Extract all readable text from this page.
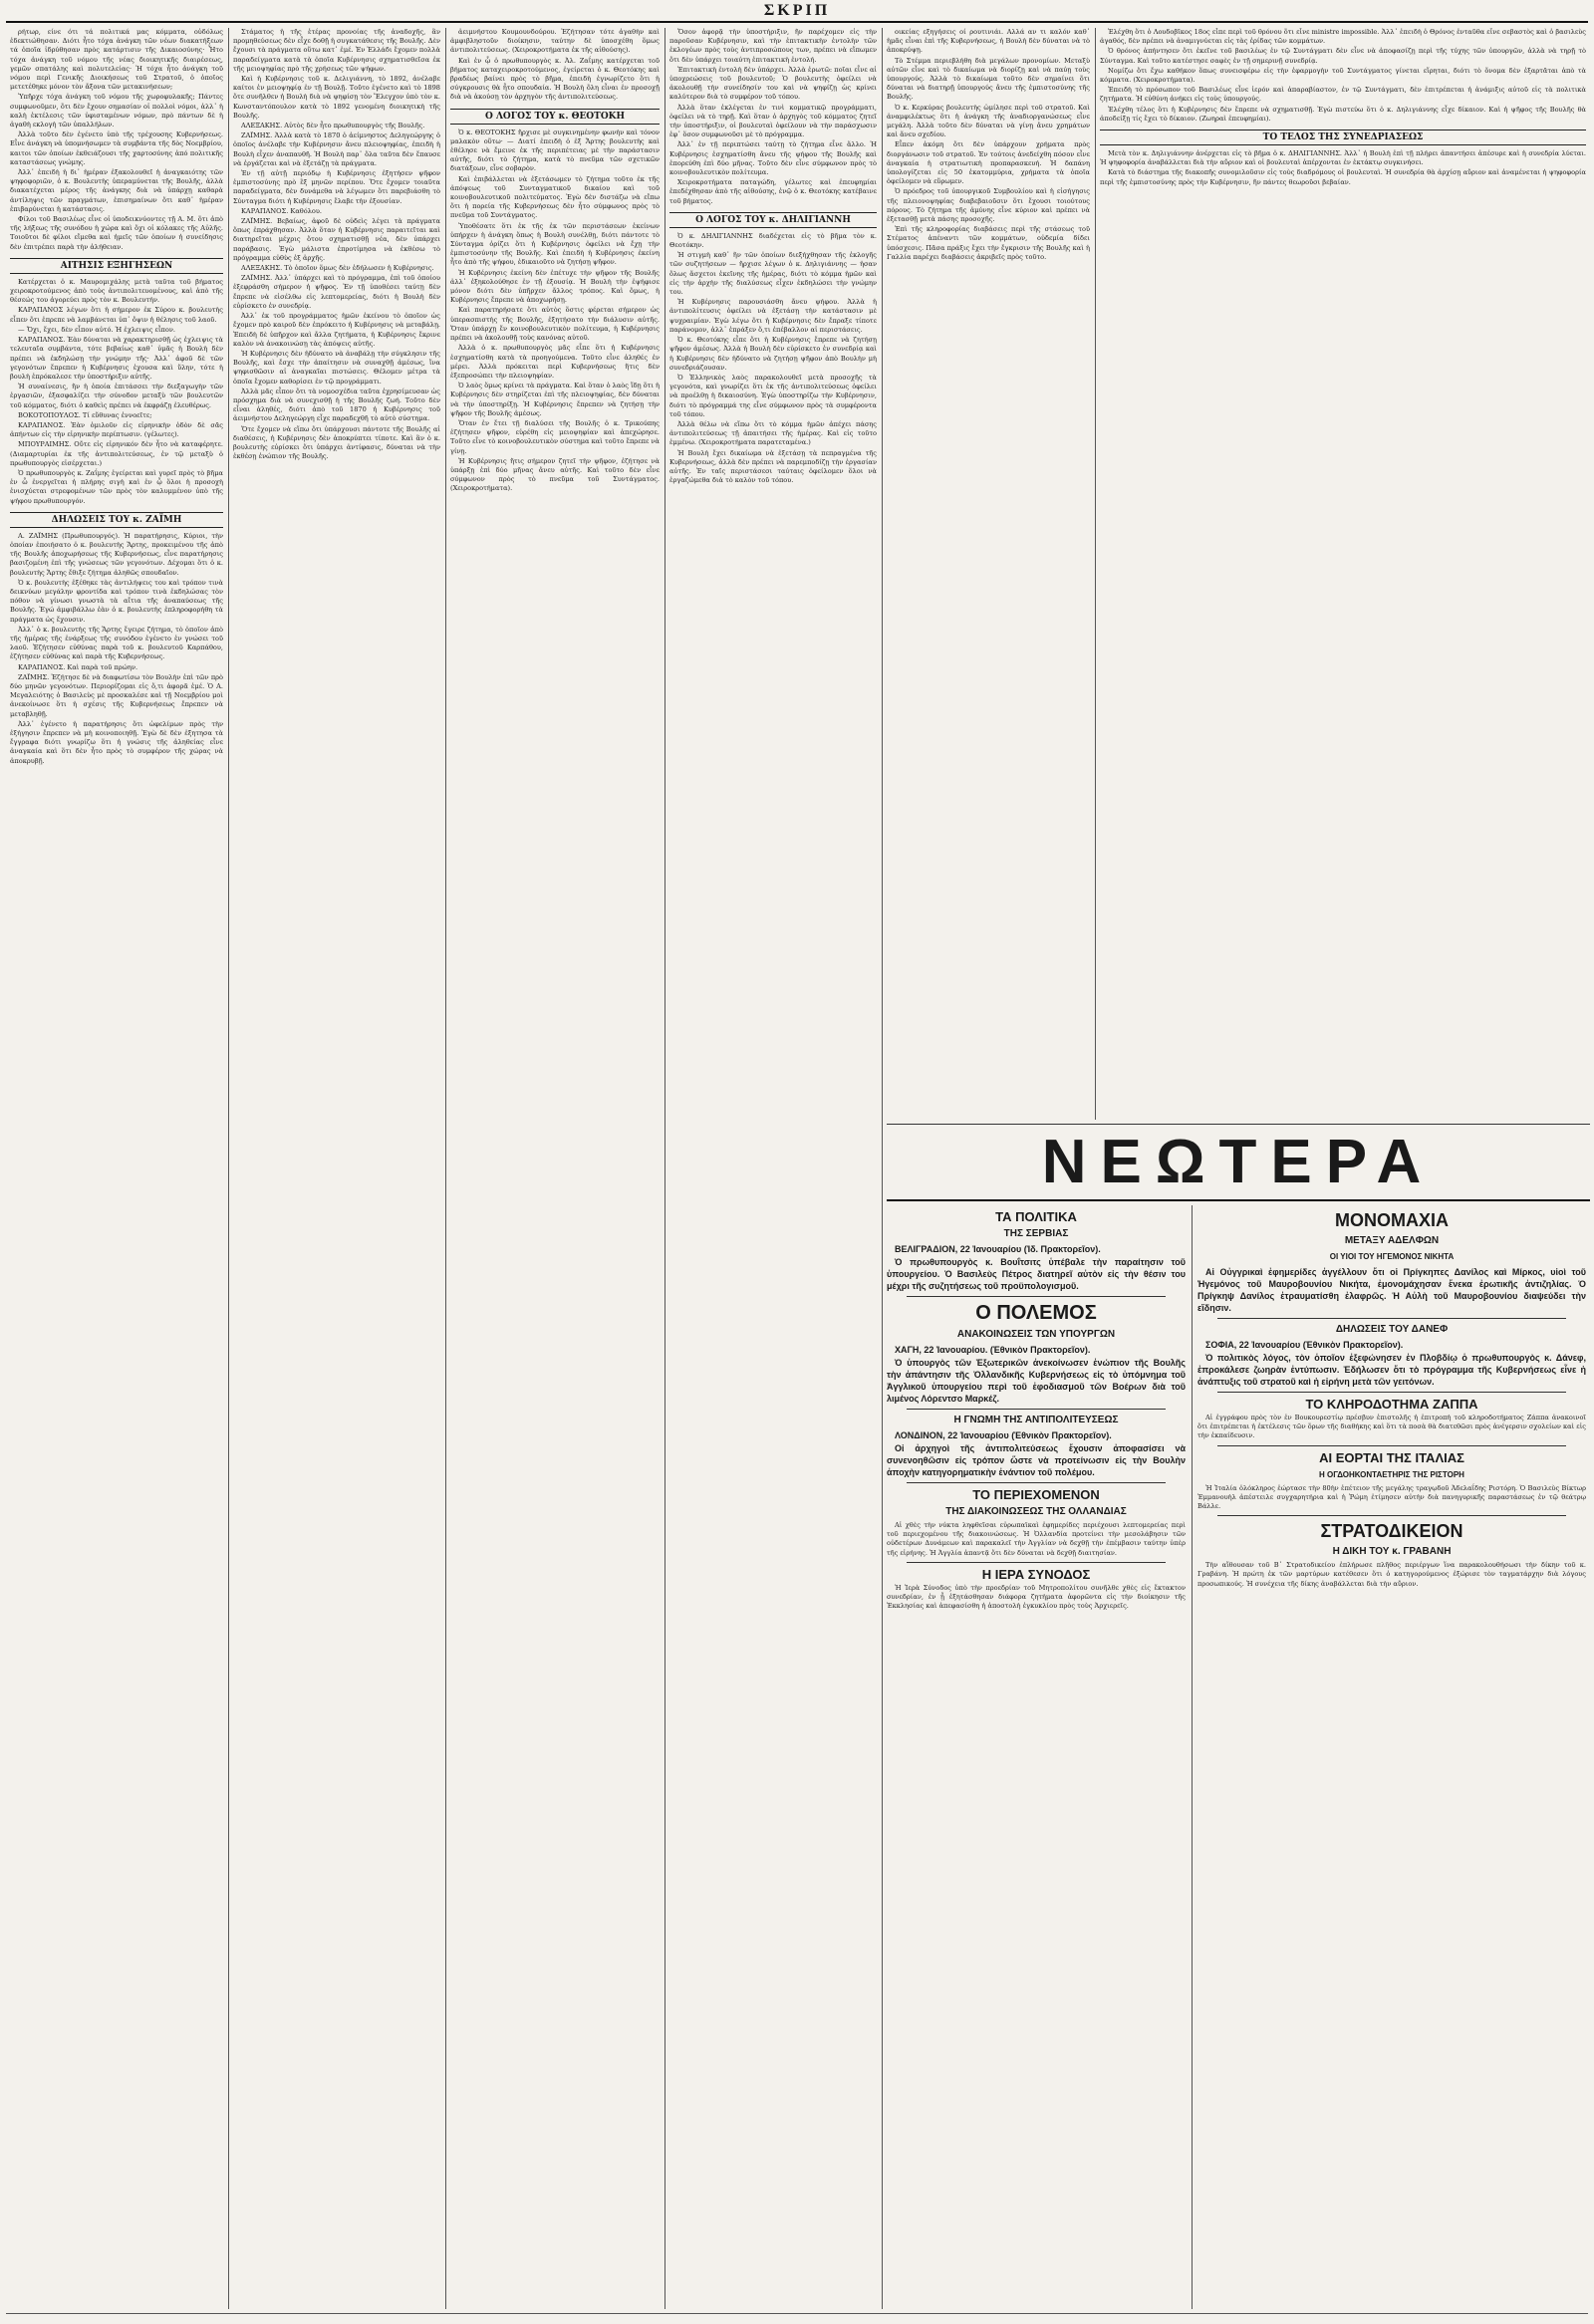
ΣΚΡΙΠ

ρήτωρ, είνε ότι τά πολιτικά μας κόμματα, οὐδόλως ἐδεκτιώθησαν. Διότι ἦτο τόχα ἀνάγκη τῶν νέων διακατήξεων τά ὁποῖα ἰδρύθησαν πρὸς κατάρτισιν τῆς Δικαιοσύνης· Ἦτο τόχα ἀνάγκη τοῦ νόμου τῆς νέας διοικητικῆς διαιρέσεως, γεμῶν σπατάλης καὶ πολυτελείας· Ἡ τόχα ἦτο ἀνάγκη τοῦ νόμου περὶ Γενικῆς Διοικήσεως τοῦ Στρατοῦ, ὁ ὁποῖος μετετέθηκε μόνον τὸν ἄξονα τῶν μετακινήσεων;

Ὑπῆρχε τόχα ἀνάγκη τοῦ νόμου τῆς χωροφυλακῆς; Πάντες συμφωνοῦμεν, ὅτι δὲν ἔχουν σημασίαν οἱ πολλοὶ νόμοι, ἀλλ᾽ ἡ καλὴ ἐκτέλεσις τῶν ὑφισταμένων νόμων, πρὸ πάντων δὲ ἡ ἀγαθὴ εκλογὴ τῶν ὑπαλλήλων.

Ἀλλὰ τοῦτο δὲν ἐγένετο ὑπὸ τῆς τρέχουσης Κυβερνήσεως. Εἶνε ἀνάγκη νὰ ὑπομνήσωμεν τὰ συμβάντα τῆς δὸς Νοεμβρίου, καιτοι τῶν ὁποίων ἐκθειάζουσι τῆς χαρτοσύνης ἀπό πολιτικῆς καταστάσεως γνώμης.

Ἀλλ᾽ ἐπειδὴ ἡ δι᾽ ἡμέραν ἐξακολουθεῖ ἡ ἀναγκαιότης τῶν ψηφοφοριῶν, ὁ κ. Βουλευτὴς ὑπεραμύνεται τῆς Βουλῆς, ἀλλὰ διακατέχεται μέρος τῆς ἀνάγκης διὰ νὰ ὑπάρχῃ καθαρὰ ἀντίληψις τῶν πραγμάτων, ἐπισημαίνων ὅτι καθ᾽ ἡμέραν ἐπιβαρύνεται ἡ κατάστασις.

Φίλοι τοῦ Βασιλέως εἶνε οἱ ὑποδεικνύοντες τῇ Α. Μ. ὅτι ἀπὸ τῆς λήξεως τῆς συνόδου ἡ χώρα καὶ ὄχι οἱ κόλακες τῆς Αὐλῆς. Τοιοῦτοι δὲ φίλοι εἴμεθα καὶ ἡμεῖς τῶν ὁποίων ἡ συνείδησις δὲν ἐπιτρέπει παρὰ τὴν ἀλήθειαν.

ΑΙΤΗΣΙΣ ΕΞΗΓΗΣΕΩΝ

Κατέρχεται ὁ κ. Μαυρομιχάλης μετὰ ταῦτα τοῦ βήματος χειροκροτούμενος ἀπὸ τοὺς ἀντιπολιτευομένους, καὶ ἀπὸ τῆς θέσεώς του ἀγορεύει πρὸς τὸν κ. Βουλευτήν.

ΚΑΡΑΠΑΝΟΣ λέγων ὅτι ἡ σήμερον ἐκ Σύρου κ. βουλευτὴς εἶπεν ὅτι ἐπρεπε νὰ λαμβάνεται ὑπ᾽ ὄψιν ἡ θέλησις τοῦ λαοῦ.

— Ὄχι, ἔχει, δὲν εἶπον αὐτό. Ἡ ἐχλειψις εἶπον.

ΚΑΡΑΠΑΝΟΣ. Ἐὰν δύναται νὰ χαρακτηρισθῇ ὡς ἐχλειψις τὰ τελευταῖα συμβάντα, τότε βεβαίως καθ᾽ ὑμᾶς ἡ Βουλὴ δὲν πρέπει νὰ ἐκδηλώσῃ τὴν γνώμην τῆς· Ἀλλ᾽ ἀφοῦ δὲ τῶν γεγονότων ἔπρεπεν ἡ Κυβέρνησις ἐχουσα καὶ ὕλην, τότε ἡ βουλὴ ἐπρόκαλεσε τὴν ὑποστήριξιν αὐτῆς.

Ἡ συναίνεσις, ἣν ἡ ὁποία ἐπιτάσσει τὴν διεξαγωγὴν τῶν ἐργασιῶν, ἐξασφαλίζει τὴν σύνοδον μεταξὺ τῶν βουλευτῶν τοῦ κόμματος, διότι ὁ καθεὶς πρέπει νὰ ἐκφράζῃ ἐλευθέρως.

ΒΟΚΟΤΟΠΟΥΛΟΣ. Τί εὔθυνας ἐννοεῖτε;

ΚΑΡΑΠΑΝΟΣ. Ἐὰν ὁμιλοῦν εἰς εἰρηνικὴν ὁδὸν δὲ σᾶς ἀπήντων εἰς τὴν εἰρηνικὴν περίπτωσιν. (γέλωτες).

ΜΠΟΥΡΑΙΜΗΣ. Οὔτε εἰς εἰρηνικόν δὲν ἦτο νὰ καταφέρητε. (Διαμαρτυρίαι ἐκ τῆς ἀντιπολιτεύσεως, ἐν τῷ μεταξὺ ὁ πρωθυπουργὸς εἰσέρχεται.)

Ὁ πρωθυπουργὸς κ. Ζαΐμης ἐγείρεται καὶ γυρεῖ πρὸς τὸ βῆμα ἐν ὧ ἐνεργεῖται ἡ πλήρης σιγὴ καὶ ἐν ᾧ ὅλοι ἡ προσοχὴ ἐνισχύεται στρεφομένων τῶν πρὸς τὸν καλυμμένον ὑπὸ τῆς ψήφου πρωθυπουργόν.

ΔΗΛΩΣΕΙΣ ΤΟΥ κ. ΖΑΪΜΗ

Α. ΖΑΪΜΗΣ (Πρωθυπουργός). Ἡ παρατήρησις, Κύριοι, τὴν ὁποίαν ἐποιήσατο ὁ κ. βουλευτὴς Ἄρτης, προκειμένου τῆς ἀπὸ τῆς Βουλῆς ἀποχωρήσεως τῆς Κυβερνήσεως, εἶνε παρατήρησις βασιζομένη ἐπὶ τῆς γνώσεως τῶν γεγονότων. Δέχομαι ὅτι ὁ κ. βουλευτὴς Ἄρτης ἔθιξε ζήτημα ἀληθῶς σπουδαῖον.

Ὁ κ. βουλευτὴς ἐξέθηκε τὰς ἀντιλήψεις του καὶ τρόπον τινὰ δεικνύων μεγάλην φροντίδα καὶ τρόπον τινὰ ἐκδηλώσας τὸν πόθον νὰ γίνωσι γνωστὰ τὰ αἴτια τῆς ἀναπαύσεως τῆς Βουλῆς. Ἐγώ ἀμφιβάλλω ἐὰν ὁ κ. βουλευτὴς ἐπληροφορήθη τὰ πράγματα ὡς ἔχουσιν.

Ἀλλ᾽ ὁ κ. βουλευτὴς τῆς Ἄρτης ἔγειρε ζήτημα, τὸ ὁποῖον ἀπὸ τῆς ἡμέρας τῆς ἐνάρξεως τῆς συνόδου ἐγένετο ἐν γνώσει τοῦ λαοῦ. Ἐζήτησεν εὐθύνας παρὰ τοῦ κ. βουλευτοῦ Καρπάθου, ἐζήτησεν εὐθύνας καὶ παρὰ τῆς Κυβερνήσεως.

ΚΑΡΑΠΑΝΟΣ. Καὶ παρὰ τοῦ πρώην.

ΖΑΪΜΗΣ. Ἐζήτησε δὲ νὰ διαφωτίσω τὸν Βουλὴν ἐπὶ τῶν πρὸ δύο μηνῶν γεγονότων. Περιορίζομαι εἰς ὅ,τι ἀφορᾶ ἐμέ. Ὁ Α. Μεγαλειότης ὁ Βασιλεὺς μὲ προσκαλέσε καὶ τῇ Νοεμβρίου μοὶ ἀνεκοίνωσε ὅτι ἡ σχέσις τῆς Κυβερνήσεως ἔπρεπεν νὰ μεταβληθῇ.

Ἀλλ᾽ ἐγένετο ἡ παρατήρησις ὅτι ὠφελίμων πρὸς τὴν ἐξήγησιν ἔπρεπεν νὰ μὴ κοινοποιηθῇ. Ἐγὼ δὲ δὲν ἐξητησα τὰ ἔγγραφα διότι γνωρίζω ὅτι ἡ γνώσις τῆς ἀληθείας εἶνε ἀναγκαία καὶ ὅτι δὲν ἦτο πρὸς τὸ συμφέρον τῆς χώρας νὰ ἀποκρυβῇ.

Στάματος ἡ τῆς ἑτέρας προνοίας τῆς ἀναδοχῆς, ἂν προμηθεύσεως δὲν εἶχε δοθῇ ἡ συγκατάθεσις τῆς Βουλῆς. Δὲν ἔχουσι τὰ πράγματα οὕτω κατ᾽ ἐμέ. Ἐν Ἑλλάδι ἔχομεν πολλὰ παραδείγματα κατὰ τὰ ὁποῖα Κυβέρνησις σχηματισθεῖσα ἐκ τῆς μειοψηφίας πρὸ τῆς χρήσεως τῶν ψήφων.

Καὶ ἡ Κυβέρνησις τοῦ κ. Δελιγιάννη, τὸ 1892, ἀνέλαβε καίτοι ἐν μειοψηφίᾳ ἐν τῇ Βουλῇ. Τοῦτο ἐγένετο καὶ τὸ 1898 ὅτε συνῆλθεν ἡ Βουλὴ διὰ νὰ ψηφίσῃ τὸν Ἔλεγχον ὑπὸ τὸν κ. Κωνσταντόπουλον κατὰ τὸ 1892 γενομένη διοικητικὴ τῆς Βουλῆς.

ΑΛΕΞΑΚΗΣ. Αὐτὸς δὲν ἦτο πρωθυπουργὸς τῆς Βουλῆς.

ΖΑΪΜΗΣ. Ἀλλὰ κατὰ τὸ 1870 ὁ ἀείμνηστος Δεληγεώργης ὁ ὁποῖος ἀνέλαβε τὴν Κυβέρνησιν ἄνευ πλειοψηφίας, ἐπειδὴ ἡ Βουλὴ εἶχεν ἀναπαυθῆ. Ἡ Βουλὴ παρ᾽ ὅλα ταῦτα δὲν ἔπαυσε νὰ ἐργάζεται καὶ νὰ ἐξετάζῃ τὰ πράγματα.

Ἐν τῇ αὐτῇ περιόδῳ ἡ Κυβέρνησις ἐξητήσεν ψῆφον ἐμπιστοσύνης πρὸ ἓξ μηνῶν περίπου. Ὅτε ἔχομεν τοιαῦτα παραδείγματα, δὲν δυνάμεθα νὰ λέγωμεν ὅτι παρεβιάσθη τὸ Σύνταγμα διότι ἡ Κυβέρνησις ἔλαβε τὴν ἐξουσίαν.

ΚΑΡΑΠΑΝΟΣ. Καθόλου.

ΖΑΪΜΗΣ. Βεβαίως, ἀφοῦ δὲ οὐδεὶς λέγει τὰ πράγματα ὅπως ἐπράχθησαν. Ἀλλὰ ὅταν ἡ Κυβέρνησις παραιτεῖται καὶ διατηρεῖται μέχρις ὅτου σχηματισθῇ νέα, δὲν ὑπάρχει παράβασις. Ἐγὼ μάλιστα ἐπροτίμησα νὰ ἐκθέσω τὸ πρόγραμμα εὐθὺς ἐξ ἀρχῆς.

ΑΛΕΞΑΚΗΣ. Τὸ ὁποῖον ὅμως δὲν ἐδήλωσεν ἡ Κυβέρνησις.

ΖΑΪΜΗΣ. Ἀλλ᾽ ὑπάρχει καὶ τὸ πρόγραμμα, ἐπὶ τοῦ ὁποίου ἐξεφράσθη σήμερον ἡ ψῆφος. Ἐν τῇ ὑποθέσει ταύτῃ δὲν ἔπρεπε νὰ εἰσέλθω εἰς λεπτομερείας, διότι ἡ Βουλὴ δὲν εὑρίσκετο ἐν συνεδρίᾳ.

Ἀλλ᾽ ἐκ τοῦ προγράμματος ἡμῶν ἐκείνου τὸ ὁποῖον ὡς ἔχομεν πρὸ καιροῦ δὲν ἐπρόκειτο ἡ Κυβέρνησις νὰ μεταβάλῃ. Ἐπειδὴ δὲ ὑπῆρχον καὶ ἄλλα ζητήματα, ἡ Κυβέρνησις ἔκρινε καλὸν νὰ ἀνακοινώσῃ τὰς ἀπόψεις αὐτῆς.

Ἡ Κυβέρνησις δὲν ἠδύνατο νὰ ἀναβάλῃ τὴν σύγκλησιν τῆς Βουλῆς, καὶ ἔσχε τὴν ἀπαίτησιν νὰ συναχθῇ ἀμέσως, ἵνα ψηφισθῶσιν αἱ ἀναγκαῖαι πιστώσεις. Θέλομεν μέτρα τὰ ὁποῖα ἔχομεν καθορίσει ἐν τῷ προγράμματι.

Ἀλλὰ μᾶς εἶπον ὅτι τὰ νομοσχέδια ταῦτα ἐχρησίμευσαν ὡς πρόσχημα διὰ νὰ συνεχισθῇ ἡ τῆς Βουλῆς ζωή. Τοῦτο δὲν εἶναι ἀληθές, διότι ἀπὸ τοῦ 1870 ἡ Κυβέρνησις τοῦ ἀειμνήστου Δεληγεώργη εἶχε παραδεχθῆ τὸ αὐτὸ σύστημα.

Ὅτε ἔχομεν νὰ εἴπω ὅτι ὑπάρχουσι πάντοτε τῆς Βουλῆς αἱ διαθέσεις, ἡ Κυβέρνησις δὲν ἀποκρύπτει τίποτε. Καὶ ἂν ὁ κ. βουλευτὴς εὑρίσκει ὅτι ὑπάρχει ἀντίφασις, δύναται νὰ τὴν ἐκθέσῃ ἐνώπιον τῆς Βουλῆς.

ἀειμνήστου Κουμουνδούρου. Ἐζήτησαν τότε ἀγαθὴν καὶ ἀμφιβληστοῦν διοίκησιν, ταύτην δὲ ὑποσχέθη ὅμως ἀντιπολιτεύσεως. (Χειροκροτήματα ἐκ τῆς αἰθούσης).

Καὶ ἐν ᾧ ὁ πρωθυπουργὸς κ. Ἀλ. Ζαΐμης κατέρχεται τοῦ βήματος καταχειροκροτούμενος, ἐγείρεται ὁ κ. Θεοτόκης καὶ βραδέως βαίνει πρὸς τὸ βῆμα, ἐπειδὴ ἐγνωρίζετο ὅτι ἡ σύγκρουσις θὰ ἦτο σπουδαία. Ἡ Βουλὴ ὅλη εἶναι ἐν προσοχῇ διὰ νὰ ἀκούσῃ τὸν ἀρχηγὸν τῆς ἀντιπολιτεύσεως.

Ο ΛΟΓΟΣ ΤΟΥ κ. ΘΕΟΤΟΚΗ

Ὁ κ. ΘΕΟΤΟΚΗΣ ἤρχισε μὲ συγκινημένην φωνὴν καὶ τόνον μαλακὸν οὕτω· — Διατί ἐπειδὴ ὁ ἐξ Ἄρτης βουλευτὴς καὶ ἐθέλησε νὰ ἔμεινε ἐκ τῆς περιπέτειας μὲ τὴν παράστασιν αὐτῆς, διότι τὸ ζήτημα, κατὰ τὸ πνεῦμα τῶν σχετικῶν διατάξεων, εἶνε σοβαρὸν.

Καὶ ἐπιβάλλεται νὰ ἐξετάσωμεν τὸ ζήτημα τοῦτο ἐκ τῆς ἀπόψεως τοῦ Συνταγματικοῦ δικαίου καὶ τοῦ κοινοβουλευτικοῦ πολιτεύματος. Ἐγὼ δὲν διστάζω νὰ εἴπω ὅτι ἡ πορεία τῆς Κυβερνήσεως δὲν ἦτο σύμφωνος πρὸς τὸ πνεῦμα τοῦ Συντάγματος.

Ὑποθέσατε ὅτι ἐκ τῆς ἐκ τῶν περιστάσεων ἐκείνων ὑπήρχεν ἡ ἀνάγκη ὅπως ἡ Βουλὴ συνέλθῃ, διότι πάντοτε τὸ Σύνταγμα ὁρίζει ὅτι ἡ Κυβέρνησις ὀφείλει νὰ ἔχῃ τὴν ἐμπιστοσύνην τῆς Βουλῆς. Καὶ ἐπειδὴ ἡ Κυβέρνησις ἐκείνη ἦτο ἀπὸ τῆς ψήφου, ἐδικαιοῦτο νὰ ζητήσῃ ψῆφον.

Ἡ Κυβέρνησις ἐκείνη δὲν ἐπέτυχε τὴν ψῆφον τῆς Βουλῆς ἀλλ᾽ ἐξηκολούθησε ἐν τῇ ἐξουσίᾳ. Ἡ Βουλὴ τὴν ἐψήφισε μόνον διότι δὲν ὑπῆρχεν ἄλλος τρόπος. Καὶ ὅμως, ἡ Κυβέρνησις ἔπρεπε νὰ ἀποχωρήσῃ.

Καὶ παρατηρήσατε ὅτι αὐτὸς ὅστις φέρεται σήμερον ὡς ὑπερασπιστὴς τῆς Βουλῆς, ἐξητήσατο τὴν διάλυσιν αὐτῆς. Ὅταν ὑπάρχῃ ἔν κοινοβουλευτικὸν πολίτευμα, ἡ Κυβέρνησις πρέπει νὰ ἀκολουθῇ τοὺς κανόνας αὐτοῦ.

Ἀλλὰ ὁ κ. πρωθυπουργὸς μᾶς εἶπε ὅτι ἡ Κυβέρνησις ἐσχηματίσθη κατὰ τὰ προηγούμενα. Τοῦτο εἶνε ἀληθές ἐν μέρει. Ἀλλὰ πρόκειται περὶ Κυβερνήσεως ἥτις δὲν ἐξεπροσώπει τὴν πλειοψηφίαν.

Ὁ λαὸς ὅμως κρίνει τὰ πράγματα. Καὶ ὅταν ὁ λαὸς ἴδῃ ὅτι ἡ Κυβέρνησις δὲν στηρίζεται ἐπὶ τῆς πλειοψηφίας, δὲν δύναται νὰ τὴν ὑποστηρίξῃ. Ἡ Κυβέρνησις ἔπρεπεν νὰ ζητήσῃ τὴν ψῆφον τῆς Βουλῆς ἀμέσως.

Ὅταν ἐν ἔτει τῇ διαλύσει τῆς Βουλῆς ὁ κ. Τρικούπης ἐζήτησεν ψῆφον, εὑρέθη εἰς μειοψηφίαν καὶ ἀπεχώρησε. Τοῦτο εἶνε τὸ κοινοβουλευτικὸν σύστημα καὶ τοῦτο ἔπρεπε νὰ γίνῃ.

Ἡ Κυβέρνησις ἥτις σήμερον ζητεῖ τὴν ψῆφον, ἐζήτησε νὰ ὑπάρξῃ ἐπὶ δύο μῆνας ἄνευ αὐτῆς. Καὶ τοῦτο δὲν εἶνε σύμφωνον πρὸς τὸ πνεῦμα τοῦ Συντάγματος. (Χειροκροτήματα).

Ὅσον ἀφορᾷ τὴν ὑποστήριξιν, ἥν παρέχομεν εἰς τὴν παροῦσαν Κυβέρνησιν, καὶ τὴν ἐπιτακτικὴν ἐντολὴν τῶν ἐκλογέων πρὸς τοὺς ἀντιπροσώπους των, πρέπει νὰ εἴπωμεν ὅτι δὲν ὑπάρχει τοιαύτη ἐπιτακτικὴ ἐντολή.

Ἐπιτακτικὴ ἐντολὴ δὲν ὑπάρχει. Ἀλλὰ ἐρωτῶ: ποῖαι εἶνε αἱ ὑποχρεώσεις τοῦ βουλευτοῦ; Ὁ βουλευτὴς ὀφείλει νὰ ἀκολουθῇ τὴν συνείδησίν του καὶ νὰ ψηφίζῃ ὡς κρίνει καλύτερον διὰ τὸ συμφέρον τοῦ τόπου.

Ἀλλὰ ὅταν ἐκλέγεται ἐν τινὶ κομματικῷ προγράμματι, ὀφείλει νὰ τὸ τηρῇ. Καὶ ὅταν ὁ ἀρχηγὸς τοῦ κόμματος ζητεῖ τὴν ὑποστήριξιν, οἱ βουλευταὶ ὀφείλουν νὰ τὴν παράσχωσιν ἐφ᾽ ὅσον συμφωνοῦσι μὲ τὸ πρόγραμμα.

Ἀλλ᾽ ἐν τῇ περιπτώσει ταύτῃ τὸ ζήτημα εἶνε ἄλλο. Ἡ Κυβέρνησις ἐσχηματίσθη ἄνευ τῆς ψήφου τῆς Βουλῆς καὶ ἐπορεύθη ἐπὶ δύο μῆνας. Τοῦτο δὲν εἶνε σύμφωνον πρὸς τὸ κοινοβουλευτικὸν πολίτευμα.

Χειροκροτήματα παταγώδη, γέλωτες καὶ ἐπευφημίαι ἐπεδέχθησαν ἀπὸ τῆς αἰθούσης, ἐνῷ ὁ κ. Θεοτόκης κατέβαινε τοῦ βήματος.

Ο ΛΟΓΟΣ ΤΟΥ κ. ΔΗΛΙΓΙΑΝΝΗ

Ὁ κ. ΔΗΛΙΓΙΑΝΝΗΣ διαδέχεται εἰς τὸ βῆμα τὸν κ. Θεοτόκην.

Ἡ στιγμὴ καθ᾽ ἣν τῶν ὁποίων διεξήχθησαν τῆς ἐκλογῆς τῶν συζητήσεων — ἤρχισε λέγων ὁ κ. Δηλιγιάννης — ἡσαν ὅλως ἄσχετοι ἐκεῖνης τῆς ἡμέρας, διότι τὸ κόμμα ἡμῶν καὶ εἰς τὴν ἀρχὴν τῆς διαλύσεως εἶχεν ἐκδηλώσει τὴν γνώμην του.

Ἡ Κυβέρνησις παρουσιάσθη ἄνευ ψήφου. Ἀλλὰ ἡ ἀντιπολίτευσις ὀφείλει νὰ ἐξετάσῃ τὴν κατάστασιν μὲ ψυχραιμίαν. Ἐγὼ λέγω ὅτι ἡ Κυβέρνησις δὲν ἔπραξε τίποτε παράνομον, ἀλλ᾽ ἐπράξεν ὅ,τι ἐπέβαλλον αἱ περιστάσεις.

Ὁ κ. Θεοτόκης εἶπε ὅτι ἡ Κυβέρνησις ἔπρεπε νὰ ζητήσῃ ψῆφον ἀμέσως. Ἀλλὰ ἡ Βουλὴ δὲν εὑρίσκετο ἐν συνεδρίᾳ καὶ ἡ Κυβέρνησις δὲν ἠδύνατο νὰ ζητήσῃ ψῆφον ἀπὸ Βουλὴν μὴ συνεδριάζουσαν.

Ὁ Ἑλληνικὸς λαὸς παρακολουθεῖ μετὰ προσοχῆς τὰ γεγονότα, καὶ γνωρίζει ὅτι ἐκ τῆς ἀντιπολιτεύσεως ὀφείλει νὰ προέλθῃ ἡ δικαιοσύνη. Ἐγὼ ὑποστηρίζω τὴν Κυβέρνησιν, διότι τὸ πρόγραμμά της εἶνε σύμφωνον πρὸς τὰ συμφέροντα τοῦ τόπου.

Ἀλλὰ θέλω νὰ εἴπω ὅτι τὸ κόμμα ἡμῶν ἀπέχει πάσης ἀντιπολιτεύσεως τῇ ἀπαιτήσει τῆς ἡμέρας. Καὶ εἰς τοῦτο ἐμμένω. (Χειροκροτήματα παρατεταμένα.)

Ἡ Βουλὴ ἔχει δικαίωμα νὰ ἐξετάσῃ τὰ πεπραγμένα τῆς Κυβερνήσεως, ἀλλὰ δὲν πρέπει νὰ παρεμποδίζῃ τὴν ἐργασίαν αὐτῆς. Ἐν ταῖς περιστάσεσι ταύταις ὀφείλομεν ὅλοι νὰ ἐργαζώμεθα διὰ τὸ καλὸν τοῦ τόπου.

οικείας εξηγήσεις οί ρουτινιάι. Αλλά αν τι καλόν καθ᾽ ἡμᾶς εἶναι ἐπὶ τῆς Κυβερνήσεως, ἡ Βουλὴ δὲν δύναται νὰ τὸ ἀποκρύψῃ.

Τὸ Στέμμα περιεβλήθη διὰ μεγάλων προνομίων. Μεταξὺ αὐτῶν εἶνε καὶ τὸ δικαίωμα νὰ διορίζῃ καὶ νὰ παύῃ τοὺς ὑπουργούς. Ἀλλὰ τὸ δικαίωμα τοῦτο δὲν σημαίνει ὅτι δύναται νὰ διατηρῇ ὑπουργούς ἄνευ τῆς ἐμπιστοσύνης τῆς Βουλῆς.

Ὁ κ. Κερκύρας βουλευτὴς ὡμίλησε περὶ τοῦ στρατοῦ. Καὶ ἀναμφιλέκτως ὅτι ἡ ἀνάγκη τῆς ἀναδιοργανώσεως εἶνε μεγάλη. Ἀλλὰ τοῦτο δὲν δύναται νὰ γίνῃ ἄνευ χρημάτων καὶ ἄνευ σχεδίου.

Εἶπεν ἀκόμη ὅτι δὲν ὑπάρχουν χρήματα πρὸς διοργάνωσιν τοῦ στρατοῦ. Ἐν τούτοις ἀνεδείχθη πόσον εἶνε ἀναγκαία ἡ στρατιωτικὴ προπαρασκευή. Ἡ δαπάνη ὑπολογίζεται εἰς 50 ἑκατομμύρια, χρήματα τὰ ὁποῖα ὀφείλομεν νὰ εὕρωμεν.

Ὁ πρόεδρος τοῦ ὑπουργικοῦ Συμβουλίου καὶ ἡ εἰσήγησις τῆς πλειονοψηφίας διαβεβαιοῦσιν ὅτι ἔχουσι τοιούτους πόρους. Τὸ ζήτημα τῆς ἀμύνης εἶνε κύριον καὶ πρέπει νὰ ἐξετασθῇ μετὰ πάσης προσοχῆς.

Ἐπὶ τῆς κληροφορίας διαβάσεις περὶ τῆς στάσεως τοῦ Στέματος ἀπέναντι τῶν κομμάτων, οὐδεμία δίδει ὑπόσχεσις. Πᾶσα πράξις ἔχει τὴν ἔγκρισιν τῆς Βουλῆς καὶ ἡ Γαλλία παρέχει διαβάσεις ἀκριβεῖς πρὸς τοῦτο.

Ἐλέχθη ὅτι ὁ Λουδοβῖκος 18ος εἶπε περὶ τοῦ θρόνου ὅτι εἶνε ministre impossible. Ἀλλ᾽ ἐπειδὴ ὁ Θρόνος ἐνταῦθα εἶνε σεβαστὸς καὶ ὁ βασιλεὺς ἀγαθός, δὲν πρέπει νὰ ἀναμιγνύεται εἰς τὰς ἐρίδας τῶν κομμάτων.

Ὁ θρόνος ἀπήντησεν ὅτι ἐκεῖνε τοῦ βασιλέως ἐν τῷ Συντάγματι δὲν εἶνε νὰ ἀποφασίζῃ περὶ τῆς τύχης τῶν ὑπουργῶν, ἀλλὰ νὰ τηρῇ τὸ Σύνταγμα. Καὶ τοῦτο κατέστησε σαφὲς ἐν τῇ σημερινῇ συνεδρίᾳ.

Νομίζω ὅτι ἔχω καθήκον ὅπως συνεισφέρω εἰς τὴν ἐφαρμογὴν τοῦ Συντάγματος γίνεται εἴρηται, διότι τὸ ὄνομα δὲν ἐξαρτᾶται ἀπὸ τὰ κόμματα. (Χειροκροτήματα).

Ἐπειδὴ τὸ πρόσωπον τοῦ Βασιλέως εἶνε ἱερόν καὶ ἀπαραβίαστον, ἐν τῷ Συντάγματι, δὲν ἐπιτρέπεται ἡ ἀνάμιξις αὐτοῦ εἰς τὰ πολιτικὰ ζητήματα. Ἡ εὐθύνη ἀνήκει εἰς τοὺς ὑπουργούς.

Ἐλέχθη τέλος ὅτι ἡ Κυβέρνησις δὲν ἔπρεπε νὰ σχηματισθῇ. Ἐγὼ πιστεύω ὅτι ὁ κ. Δηλιγιάννης εἶχε δίκαιον. Καὶ ἡ ψῆφος τῆς Βουλῆς θὰ ἀποδείξῃ τίς ἔχει τὸ δίκαιον. (Ζωηραὶ ἐπευφημίαι).

ΤΟ ΤΕΛΟΣ ΤΗΣ ΣΥΝΕΔΡΙΑΣΕΩΣ

Μετὰ τὸν κ. Δηλιγιάννην ἀνέρχεται εἰς τὸ βῆμα ὁ κ. ΔΗΛΙΓΙΑΝΝΗΣ. Ἀλλ᾽ ἡ Βουλὴ ἐπὶ τῇ πλήρει ἀπαντήσει ἀπέσυρε καὶ ἡ συνεδρία λύεται. Ἡ ψηφοφορία ἀναβάλλεται διὰ τὴν αὔριον καὶ οἱ βουλευταὶ ἀπέρχονται ἐν ἐκτάκτῳ συγκινήσει.

Κατὰ τὸ διάστημα τῆς διακοπῆς συνομιλοῦσιν εἰς τοὺς διαδρόμους οἱ βουλευταὶ. Ἡ συνεδρία θὰ ἀρχίσῃ αὔριον καὶ ἀναμένεται ἡ ψηφοφορία περὶ τῆς ἐμπιστοσύνης πρὸς τὴν Κυβέρνησιν, ἥν πάντες θεωροῦσι βεβαίαν.

ΝΕΩΤΕΡΑ
ΤΑ ΠΟΛΙΤΙΚΑ
ΤΗΣ ΣΕΡΒΙΑΣ

ΒΕΛΙΓΡΑΔΙΟΝ, 22 Ἰανουαρίου (Ἰδ. Πρακτορεῖον).

Ὁ πρωθυπουργὸς κ. Βουΐτσιτς ὑπέβαλε τὴν παραίτησιν τοῦ ὑπουργείου. Ὁ Βασιλεὺς Πέτρος διατηρεῖ αὐτὸν εἰς τὴν θέσιν του μέχρι τῆς συζητήσεως τοῦ προϋπολογισμοῦ.

Ο ΠΟΛΕΜΟΣ
ΑΝΑΚΟΙΝΩΣΕΙΣ ΤΩΝ ΥΠΟΥΡΓΩΝ

ΧΑΓΗ, 22 Ἰανουαρίου. (Ἑθνικὸν Πρακτορεῖον).

Ὁ ὑπουργὸς τῶν Ἐξωτερικῶν ἀνεκοίνωσεν ἐνώπιον τῆς Βουλῆς τὴν ἀπάντησιν τῆς Ὀλλανδικῆς Κυβερνήσεως εἰς τὸ ὑπόμνημα τοῦ Ἀγγλικοῦ ὑπουργείου περὶ τοῦ ἐφοδιασμοῦ τῶν Βοέρων διὰ τοῦ λιμένος Λόρεντσο Μαρκέζ.

Η ΓΝΩΜΗ ΤΗΣ ΑΝΤΙΠΟΛΙΤΕΥΣΕΩΣ

ΛΟΝΔΙΝΟΝ, 22 Ἰανουαρίου (Ἑθνικὸν Πρακτορεῖον).

Οἱ ἀρχηγοὶ τῆς ἀντιπολιτεύσεως ἔχουσιν ἀποφασίσει νὰ συνενοηθῶσιν εἰς τρόπον ὥστε νὰ προτείνωσιν εἰς τὴν Βουλὴν ἀποχὴν κατηγορηματικὴν ἐνάντιον τοῦ πολέμου.

ΤΟ ΠΕΡΙΕΧΟΜΕΝΟΝ
ΤΗΣ ΔΙΑΚΟΙΝΩΣΕΩΣ ΤΗΣ ΟΛΛΑΝΔΙΑΣ

Αἱ χθὲς τὴν νύκτα ληφθεῖσαι εὐρωπαϊκαὶ ἐφημερίδες περιέχουσι λεπτομερείας περὶ τοῦ περιεχομένου τῆς διακοινώσεως. Ἡ Ὀλλανδία προτείνει τὴν μεσολάβησιν τῶν οὐδετέρων Δυνάμεων καὶ παρακαλεῖ τὴν Ἀγγλίαν νὰ δεχθῇ τὴν ἐπέμβασιν ταύτην ὑπὲρ τῆς εἰρήνης. Ἡ Ἀγγλία ἀπαντᾷ ὅτι δὲν δύναται νὰ δεχθῇ διαιτησίαν.

Η ΙΕΡΑ ΣΥΝΟΔΟΣ

Ἡ Ἱερὰ Σύνοδος ὑπὸ τὴν προεδρίαν τοῦ Μητροπολίτου συνῆλθε χθὲς εἰς ἔκτακτον συνεδρίαν, ἐν ᾗ ἐξητάσθησαν διάφορα ζητήματα ἀφορῶντα εἰς τὴν διοίκησιν τῆς Ἐκκλησίας καὶ ἀπεφασίσθη ἡ ἀποστολὴ ἐγκυκλίου πρὸς τοὺς Ἀρχιερεῖς.

ΜΟΝΟΜΑΧΙΑ
ΜΕΤΑΞΥ ΑΔΕΛΦΩΝ
ΟΙ ΥΙΟΙ ΤΟΥ ΗΓΕΜΟΝΟΣ ΝΙΚΗΤΑ

Αἱ Οὐγγρικαὶ ἐφημερίδες ἀγγέλλουν ὅτι οἱ Πρίγκηπες Δανίλος καὶ Μίρκος, υἱοὶ τοῦ Ἡγεμόνος τοῦ Μαυροβουνίου Νικήτα, ἐμονομάχησαν ἕνεκα ἐρωτικῆς ἀντιζηλίας. Ὁ Πρίγκηψ Δανίλος ἐτραυματίσθη ἐλαφρῶς. Ἡ Αὐλὴ τοῦ Μαυροβουνίου διαψεύδει τὴν εἴδησιν.

ΔΗΛΩΣΕΙΣ ΤΟΥ ΔΑΝΕΦ

ΣΟΦΙΑ, 22 Ἰανουαρίου (Ἑθνικὸν Πρακτορεῖον).

Ὁ πολιτικὸς λόγος, τὸν ὁποῖον ἐξεφώνησεν ἐν Πλοβδίῳ ὁ πρωθυπουργὸς κ. Δάνεφ, ἐπροκάλεσε ζωηρὰν ἐντύπωσιν. Ἐδήλωσεν ὅτι τὸ πρόγραμμα τῆς Κυβερνήσεως εἶνε ἡ ἀνάπτυξις τοῦ στρατοῦ καὶ ἡ εἰρήνη μετὰ τῶν γειτόνων.

ΤΟ ΚΛΗΡΟΔΟΤΗΜΑ ΖΑΠΠΑ

Αἱ ἐγγράφου πρὸς τὸν ἐν Βουκουρεστίῳ πρέσβυν ἐπιστολῆς ἡ ἐπιτροπὴ τοῦ κληροδοτήματος Ζάππα ἀνακοινοῖ ὅτι ἐπιτρέπεται ἡ ἐκτέλεσις τῶν ὅρων τῆς διαθήκης καὶ ὅτι τὰ ποσὰ θὰ διατεθῶσι πρὸς ἀνέγερσιν σχολείων καὶ εἰς τὴν ἐκπαίδευσιν.

ΑΙ ΕΟΡΤΑΙ ΤΗΣ ΙΤΑΛΙΑΣ
Η ΟΓΔΟΗΚΟΝΤΑΕΤΗΡΙΣ ΤΗΣ ΡΙΣΤΟΡΗ

Ἡ Ἰταλία ὁλόκληρος ἑώρτασε τὴν 80ὴν ἐπέτειον τῆς μεγάλης τραγῳδοῦ Ἀδελαΐδης Ριστόρη. Ὁ Βασιλεὺς Βίκτωρ Ἐμμανουὴλ ἀπέστειλε συγχαρητήρια καὶ ἡ Ῥώμη ἐτίμησεν αὐτὴν διὰ πανηγυρικῆς παραστάσεως ἐν τῷ θεάτρῳ Βάλλε.

ΣΤΡΑΤΟΔΙΚΕΙΟΝ
Η ΔΙΚΗ ΤΟΥ κ. ΓΡΑΒΑΝΗ

Τὴν αἴθουσαν τοῦ Β᾽ Στρατοδικείου ἐπλήρωσε πλῆθος περιέργων ἵνα παρακολουθήσωσι τὴν δίκην τοῦ κ. Γραβάνη. Ἡ πρώτη ἐκ τῶν μαρτύρων κατέθεσεν ὅτι ὁ κατηγορούμενος ἐξώρισε τὸν ταγματάρχην διὰ λόγους προσωπικούς. Ἡ συνέχεια τῆς δίκης ἀναβάλλεται διὰ τὴν αὔριον.
